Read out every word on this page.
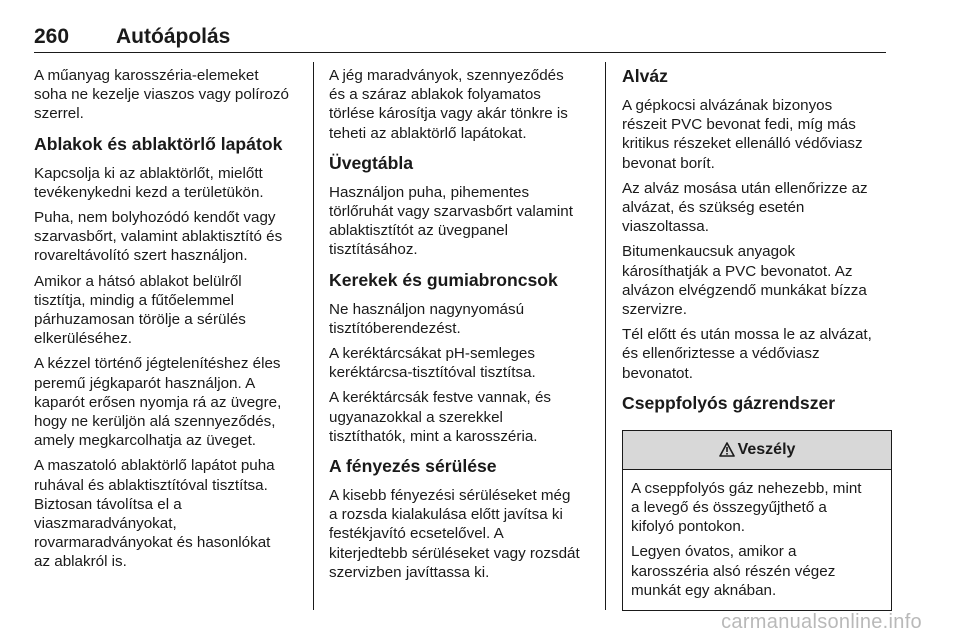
260 Autóápolás

A műanyag karosszéria-elemeket
soha ne kezelje viaszos vagy polírozó
szerrel.

Ablakok és ablaktörlő lapátok

Kapcsolja ki az ablaktörlőt, mielőtt
tevékenykedni kezd a területükön.

Puha, nem bolyhozódó kendőt vagy
szarvasbőrt, valamint ablaktisztító és
rovareltávolító szert használjon.

Amikor a hátsó ablakot belülről
tisztítja, mindig a fűtőelemmel
párhuzamosan törölje a sérülés
elkerüléséhez.

A kézzel történő jégtelenítéshez éles
peremű jégkaparót használjon. A
kaparót erősen nyomja rá az üvegre,
hogy ne kerüljön alá szennyeződés,
amely megkarcolhatja az üveget.

A maszatoló ablaktörlő lapátot puha
ruhával és ablaktisztítóval tisztítsa.
Biztosan távolítsa el a
viaszmaradványokat,
rovarmaradványokat és hasonlókat
az ablakról is.

A jég maradványok, szennyeződés
és a száraz ablakok folyamatos
törlése károsítja vagy akár tönkre is
teheti az ablaktörlő lapátokat.

Üvegtábla

Használjon puha, pihementes
törlőruhát vagy szarvasbőrt valamint
ablaktisztítót az üvegpanel
tisztításához.

Kerekek és gumiabroncsok

Ne használjon nagynyomású
tisztítóberendezést.

A keréktárcsákat pH-semleges
keréktárcsa-tisztítóval tisztítsa.

A keréktárcsák festve vannak, és
ugyanazokkal a szerekkel
tisztíthatók, mint a karosszéria.

A fényezés sérülése

A kisebb fényezési sérüléseket még
a rozsda kialakulása előtt javítsa ki
festékjavító ecsetelővel. A
kiterjedtebb sérüléseket vagy rozsdát
szervizben javíttassa ki.

Alváz

A gépkocsi alvázának bizonyos
részeit PVC bevonat fedi, míg más
kritikus részeket ellenálló védőviasz
bevonat borít.

Az alváz mosása után ellenőrizze az
alvázat, és szükség esetén
viaszoltassa.

Bitumenkaucsuk anyagok
károsíthatják a PVC bevonatot. Az
alvázon elvégzendő munkákat bízza
szervizre.

Tél előtt és után mossa le az alvázat,
és ellenőriztesse a védőviasz
bevonatot.

Cseppfolyós gázrendszer
Veszély

A cseppfolyós gáz nehezebb, mint
a levegő és összegyűjthető a
kifolyó pontokon.

Legyen óvatos, amikor a
karosszéria alsó részén végez
munkát egy aknában.

carmanualsonline.info
